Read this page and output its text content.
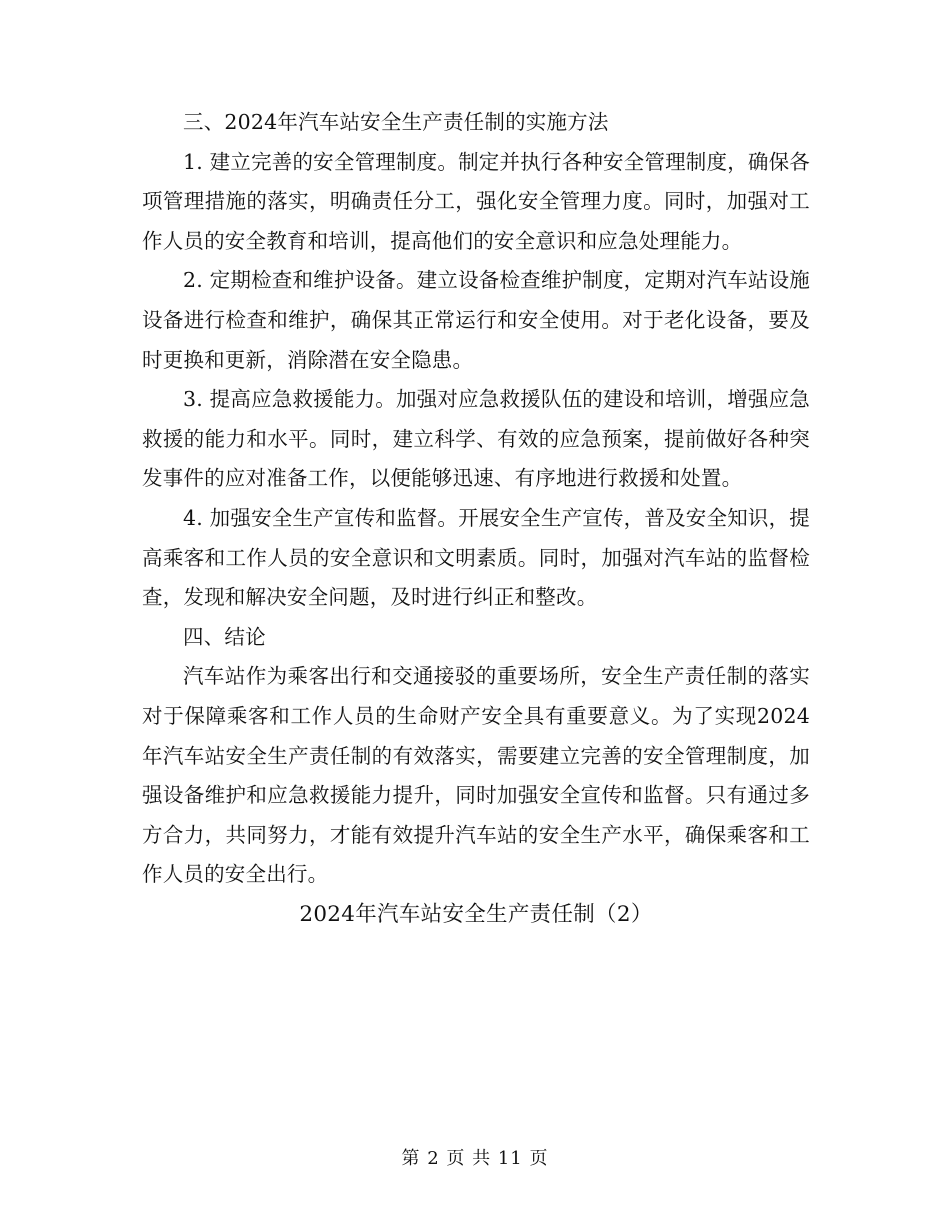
三、2024年汽车站安全生产责任制的实施方法

1. 建立完善的安全管理制度。制定并执行各种安全管理制度，确保各项管理措施的落实，明确责任分工，强化安全管理力度。同时，加强对工作人员的安全教育和培训，提高他们的安全意识和应急处理能力。

2. 定期检查和维护设备。建立设备检查维护制度，定期对汽车站设施设备进行检查和维护，确保其正常运行和安全使用。对于老化设备，要及时更换和更新，消除潜在安全隐患。

3. 提高应急救援能力。加强对应急救援队伍的建设和培训，增强应急救援的能力和水平。同时，建立科学、有效的应急预案，提前做好各种突发事件的应对准备工作，以便能够迅速、有序地进行救援和处置。

4. 加强安全生产宣传和监督。开展安全生产宣传，普及安全知识，提高乘客和工作人员的安全意识和文明素质。同时，加强对汽车站的监督检查，发现和解决安全问题，及时进行纠正和整改。

四、结论

汽车站作为乘客出行和交通接驳的重要场所，安全生产责任制的落实对于保障乘客和工作人员的生命财产安全具有重要意义。为了实现2024年汽车站安全生产责任制的有效落实，需要建立完善的安全管理制度，加强设备维护和应急救援能力提升，同时加强安全宣传和监督。只有通过多方合力，共同努力，才能有效提升汽车站的安全生产水平，确保乘客和工作人员的安全出行。

2024年汽车站安全生产责任制（2）

第 2 页 共 11 页
